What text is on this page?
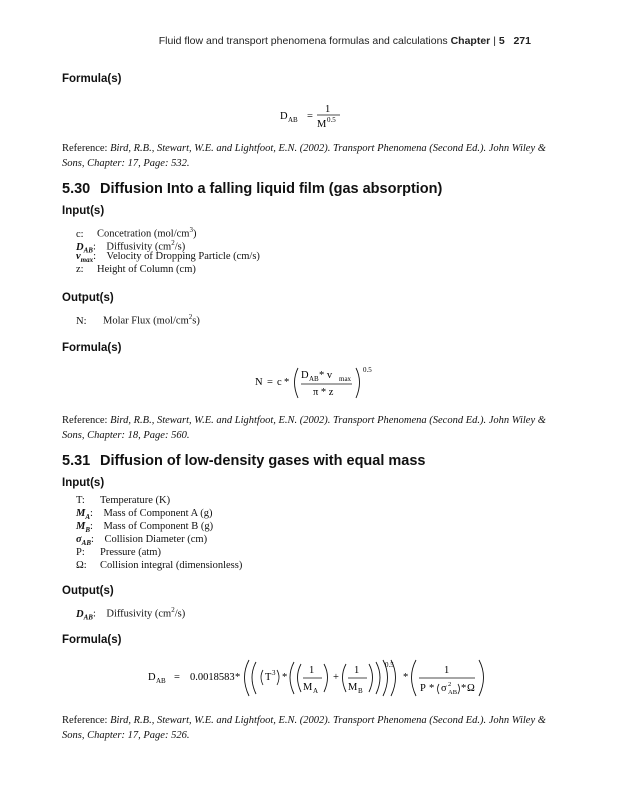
Fluid flow and transport phenomena formulas and calculations Chapter | 5 271
Formula(s)
D AB =
1
M 0.5
Reference: Bird, R.B., Stewart, W.E. and Lightfoot, E.N. (2002). Transport Phenomena (Second Ed.). John Wiley & Sons, Chapter: 17, Page: 532.
5.30 Diffusion Into a falling liquid film (gas absorption)
Input(s)
c: Concetration $(mol/cm^3)$
$D_{AB}$: Diffusivity $(cm^2/s)$
$v_{max}$: Velocity of Dropping Particle (cm/s)
z: Height of Column (cm)
Output(s)
N: Molar Flux $(mol/cm^2s)$
Formula(s)
N = c *
D AB * v max
π * z
0.5
Reference: Bird, R.B., Stewart, W.E. and Lightfoot, E.N. (2002). Transport Phenomena (Second Ed.). John Wiley & Sons, Chapter: 18, Page: 560.
5.31 Diffusion of low-density gases with equal mass
Input(s)
T: Temperature (K)
$M_A$: Mass of Component A (g)
$M_B$: Mass of Component B (g)
$\sigma_{AB}$: Collision Diameter (cm)
P: Pressure (atm)
Ω: Collision integral (dimensionless)
Output(s)
$D_{AB}$: Diffusivity $(cm^2/s)$
Formula(s)
D AB = 0.0018583 * T 3 *
1
M A
+
1
M B
0.5
*
1
P * σ 2
AB * Ω
Reference: Bird, R.B., Stewart, W.E. and Lightfoot, E.N. (2002). Transport Phenomena (Second Ed.). John Wiley & Sons, Chapter: 17, Page: 526.
